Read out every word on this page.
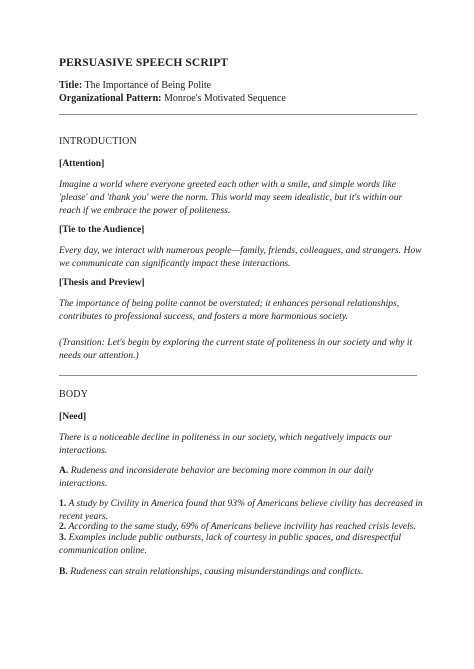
PERSUASIVE SPEECH SCRIPT
Title: The Importance of Being Polite
Organizational Pattern: Monroe's Motivated Sequence
INTRODUCTION
[Attention]
Imagine a world where everyone greeted each other with a smile, and simple words like 'please' and 'thank you' were the norm. This world may seem idealistic, but it's within our reach if we embrace the power of politeness.
[Tie to the Audience]
Every day, we interact with numerous people—family, friends, colleagues, and strangers. How we communicate can significantly impact these interactions.
[Thesis and Preview]
The importance of being polite cannot be overstated; it enhances personal relationships, contributes to professional success, and fosters a more harmonious society.
(Transition: Let's begin by exploring the current state of politeness in our society and why it needs our attention.)
BODY
[Need]
There is a noticeable decline in politeness in our society, which negatively impacts our interactions.
A. Rudeness and inconsiderate behavior are becoming more common in our daily interactions.
1. A study by Civility in America found that 93% of Americans believe civility has decreased in recent years.
2. According to the same study, 69% of Americans believe incivility has reached crisis levels.
3. Examples include public outbursts, lack of courtesy in public spaces, and disrespectful communication online.
B. Rudeness can strain relationships, causing misunderstandings and conflicts.
